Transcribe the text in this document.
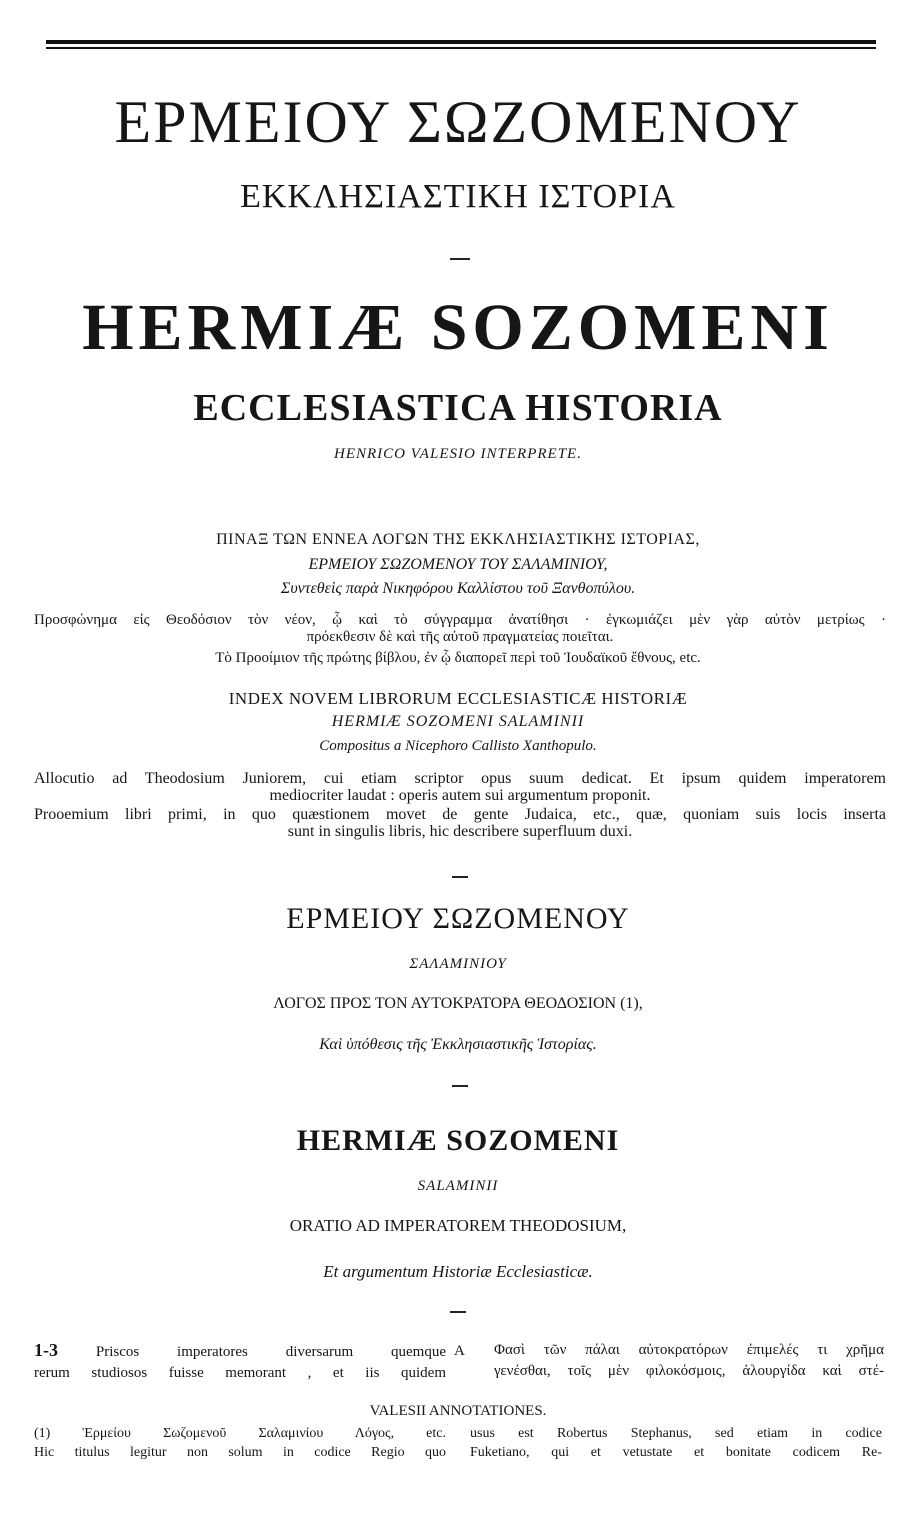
ΕΡΜΕΙΟΥ ΣΩΖΟΜΕΝΟΥ
ΕΚΚΛΗΣΙΑΣΤΙΚΗ ΙΣΤΟΡΙΑ
HERMIÆ SOZOMENI
ECCLESIASTICA HISTORIA
HENRICO VALESIO INTERPRETE.
ΠΙΝΑΞ ΤΩΝ ΕΝΝΕΑ ΛΟΓΩΝ ΤΗΣ ΕΚΚΛΗΣΙΑΣΤΙΚΗΣ ΙΣΤΟΡΙΑΣ,
ΕΡΜΕΙΟΥ ΣΩΖΟΜΕΝΟΥ ΤΟΥ ΣΑΛΑΜΙΝΙΟΥ,
Συντεθεὶς παρὰ Νικηφόρου Καλλίστου τοῦ Ξανθοπύλου.
Προσφώνημα εἰς Θεοδόσιον τὸν νέον, ᾧ καὶ τὸ σύγγραμμα ἀνατίθησι · ἐγκωμιάζει μὲν γὰρ αὐτὸν μετρίως ·
πρόεκθεσιν δὲ καὶ τῆς αὐτοῦ πραγματείας ποιεῖται.
Τὸ Προοίμιον τῆς πρώτης βίβλου, ἐν ᾧ διαπορεῖ περὶ τοῦ Ἰουδαϊκοῦ ἔθνους, etc.
INDEX NOVEM LIBRORUM ECCLESIASTICÆ HISTORIÆ
HERMIÆ SOZOMENI SALAMINII
Compositus a Nicephoro Callisto Xanthopulo.
Allocutio ad Theodosium Juniorem, cui etiam scriptor opus suum dedicat. Et ipsum quidem imperatorem
mediocriter laudat : operis autem sui argumentum proponit.
Prooemium libri primi, in quo quæstionem movet de gente Judaica, etc., quæ, quoniam suis locis inserta
sunt in singulis libris, hic describere superfluum duxi.
ΕΡΜΕΙΟΥ ΣΩΖΟΜΕΝΟΥ
ΣΑΛΑΜΙΝΙΟΥ
ΛΟΓΟΣ ΠΡΟΣ ΤΟΝ ΑΥΤΟΚΡΑΤΟΡΑ ΘΕΟΔΟΣΙΟΝ (1),
Καὶ ὑπόθεσις τῆς Ἐκκλησιαστικῆς Ἱστορίας.
HERMIÆ SOZOMENI
SALAMINII
ORATIO AD IMPERATOREM THEODOSIUM,
Et argumentum Historiæ Ecclesiasticæ.
1-3	Priscos imperatores diversarum quemque
rerum studiosos fuisse memorant , et iis quidem
A Φασὶ τῶν πάλαι αὐτοκρατόρων ἐπιμελές τι χρῆμα
γενέσθαι, τοῖς μὲν φιλοκόσμοις, ἁλουργίδα καὶ στέ-
VALESII ANNOTATIONES.
(1) Ἑρμείου Σωζομενοῦ Σαλαμινίου Λόγος, etc.
Hic titulus legitur non solum in codice Regio quo
usus est Robertus Stephanus, sed etiam in codice
Fuketiano, qui et vetustate et bonitate codicem Re-
